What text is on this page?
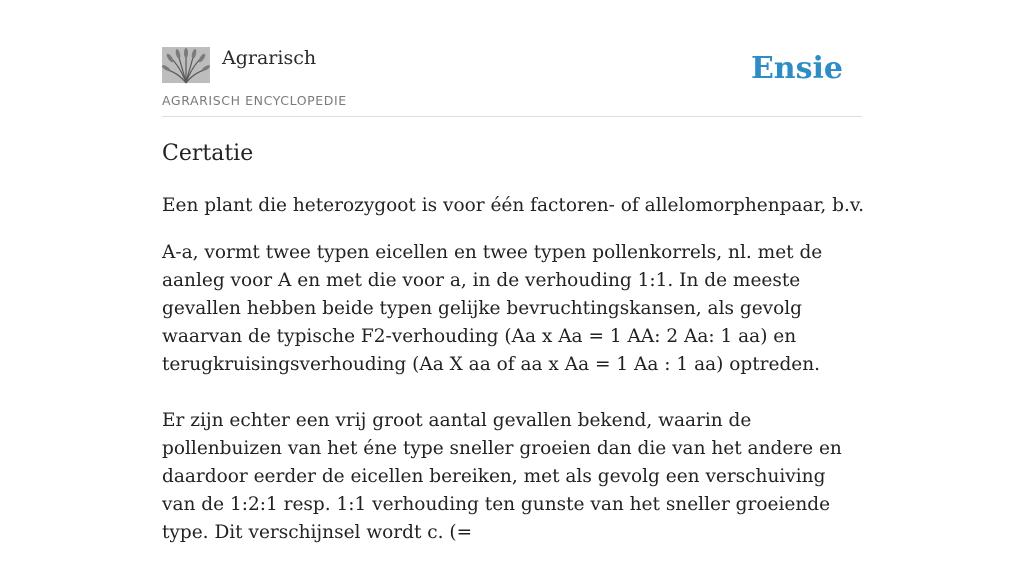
Agrarisch
AGRARISCH ENCYCLOPEDIE
Ensie
Certatie

Een plant die heterozygoot is voor één factoren- of allelomorphenpaar, b.v.

A-a, vormt twee typen eicellen en twee typen pollenkorrels, nl. met de aanleg voor A en met die voor a, in de verhouding 1:1. In de meeste gevallen hebben beide typen gelijke bevruchtingskansen, als gevolg waarvan de typische F2-verhouding (Aa x Aa = 1 AA: 2 Aa: 1 aa) en terugkruisingsverhouding (Aa X aa of aa x Aa = 1 Aa : 1 aa) optreden.

Er zijn echter een vrij groot aantal gevallen bekend, waarin de pollenbuizen van het éne type sneller groeien dan die van het andere en daardoor eerder de eicellen bereiken, met als gevolg een verschuiving van de 1:2:1 resp. 1:1 verhouding ten gunste van het sneller groeiende type. Dit verschijnsel wordt c. (=
